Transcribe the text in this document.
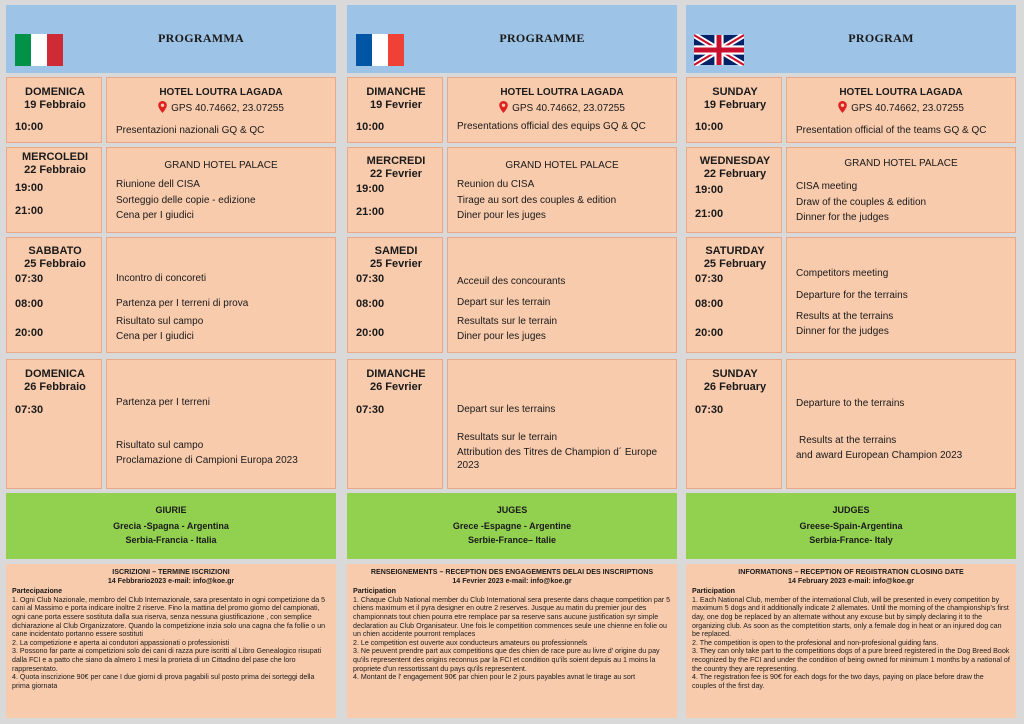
PROGRAMMA
DOMENICA
19 Febbraio
10:00
HOTEL LOUTRA LAGADA
GPS 40.74662, 23.07255
Presentazioni nazionali GQ & QC
MERCOLEDI
22 Febbraio
19:00
21:00
GRAND HOTEL PALACE
Riunione dell CISA
Sorteggio delle copie - edizione
Cena per I giudici
SABBATO
25 Febbraio
07:30
08:00
20:00
Incontro di concoreti
Partenza per I terreni di prova
Risultato sul campo
Cena per I giudici
DOMENICA
26 Febbraio
07:30
Partenza per I terreni
Risultato sul campo
Proclamazione di Campioni Europa 2023
GIURIE
Grecia -Spagna - Argentina
Serbia-Francia - Italia
ISCRIZIONI – TERMINE ISCRIZIONI
14 Febbrario2023 e-mail: info@koe.gr
Partecipazione

1. Ogni Club Nazionale, membro del Club Internazionale, sara presentato in ogni competizione da 5 cani al Massimo e porta indicare inoltre 2 riserve. Fino la mattina del promo giorno del campionati, ogni cane porta essere sostituta dalla sua riserva, senza nessuna giustificazione , con semplice dichiarazione al Club Organizzatore. Quando la competizione inzia solo una cagna che fa follie o un cane incidentato portanno essere sostituti

2. La competizione e aperta ai condutori appassionati o professionisti

3. Possono far parte ai competizioni solo dei cani di razza pure iscritti al Libro Genealogico risupati dalla FCI e a patto che siano da almero 1 mesi la prorieta di un Cittadino del pase che loro rappresentato.

4. Quota inscrizione 90€ per cane I due giorni di prova pagabili sul posto prima dei sorteggi della prima giornata

PROGRAMME
DIMANCHE
19 Fevrier
10:00
HOTEL LOUTRA LAGADA
GPS 40.74662, 23.07255
Presentations official des equips GQ & QC
MERCREDI
22 Fevrier
19:00
21:00
GRAND HOTEL PALACE
Reunion du CISA
Tirage au sort des couples & edition
Diner pour les juges
SAMEDI
25 Fevrier
07:30
08:00
20:00
Acceuil des concourants
Depart sur les terrain
Resultats sur le terrain
Diner pour les juges
DIMANCHE
26 Fevrier
07:30	Depart sur les terrains
Resultats sur le terrain
Attribution des Titres de Champion d´ Europe 2023
JUGES
Grece -Espagne - Argentine
Serbie-France– Italie
RENSEIGNEMENTS – RECEPTION DES ENGAGEMENTS DELAI DES INSCRIPTIONS
14 Fevrier 2023 e-mail: info@koe.gr
Participation

1. Chaque Club National member du Club International sera presente dans chaque competition par 5 chiens maximum et il pyra designer en outre 2 reserves. Jusque au matin du premier jour des championnats tout chien pourra etre remplace par sa reserve sans aucune justification syr simple declaration au Club Organisateur. Une fois le competition commences seule une chienne en folie ou un chien accidente pourront remplaces

2. Le competition est ouverte aux conducteurs amateurs ou professionnels

3. Ne peuvent prendre part aux competitions que des chien de race pure au livre d' origine du pay qu'ils representent des origins reconnus par la FCI et condition qu'ils soient depuis au 1 moins la propriete d'un ressortissant du pays qu'ils representent.

4. Montant de l' engagement 90€ par chien pour le 2 jours payables avnat le tirage au sort

PROGRAM
SUNDAY
19 February
10:00
HOTEL LOUTRA LAGADA
GPS 40.74662, 23.07255
Presentation official of the teams GQ & QC
WEDNESDAY
22 February
19:00
21:00
GRAND HOTEL PALACE
CISA meeting
Draw of the couples & edition
Dinner for the judges
SATURDAY
25 February
07:30
08:00
20:00
Competitors meeting
Departure for the terrains
Results at the terrains
Dinner for the judges
SUNDAY
26 February
07:30
Departure to the terrains
Results at the terrains
and award European Champion 2023
JUDGES
Greese-Spain-Argentina
Serbia-France- Italy
INFORMATIONS – RECEPTION OF REGISTRATION CLOSING DATE
14 February 2023 e-mail: info@koe.gr
Participation

1. Each National Club, member of the international Club, will be presented in every competition by maximum 5 dogs and it additionally indicate 2 allemates. Until the morning of the championship's first day, one dog be replaced by an alternate without any excuse but by simply declaring it to the organizing club. As soon as the comptetition starts, only a female dog in heat or an injured dog can be replaced.

2. The competition is open to the profesional and non-profesional guiding fans.

3. They can only take part to the competitions dogs of a pure breed registered in the Dog Breed Book recognized by the FCI and under the condition of being owned for minimum 1 months by a national of the country they are representing.

4. The registration fee is 90€ for each dogs for the two days, paying on place before draw the couples of the first day.
